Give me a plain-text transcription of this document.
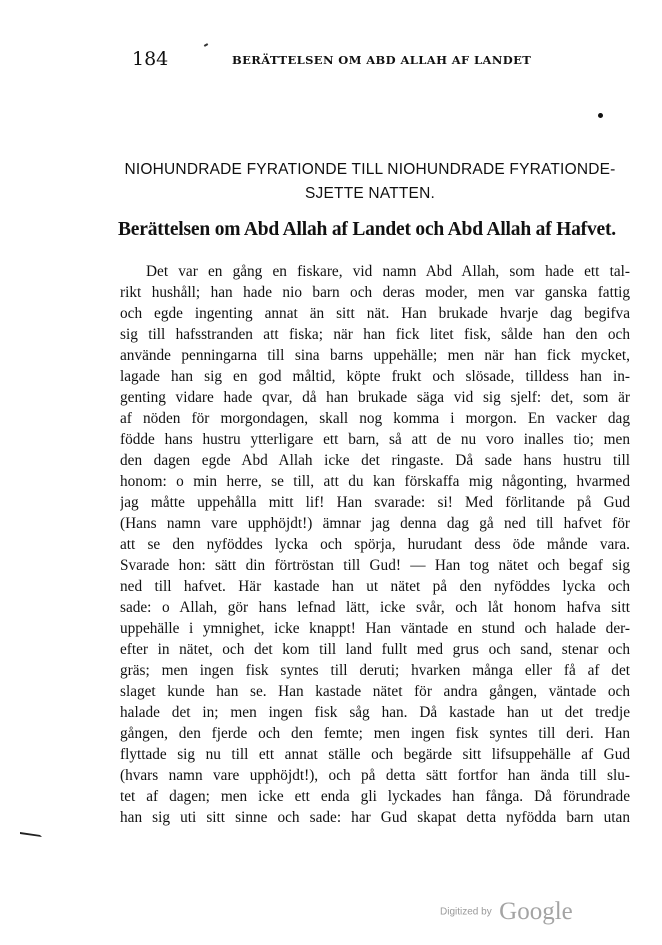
184	BERÄTTELSEN OM ABD ALLAH AF LANDET
NIOHUNDRADE FYRATIONDE TILL NIOHUNDRADE FYRATIONDE-
SJETTE NATTEN.
Berättelsen om Abd Allah af Landet och Abd Allah af Hafvet.
Det var en gång en fiskare, vid namn Abd Allah, som hade ett tal-
rikt hushåll; han hade nio barn och deras moder, men var ganska fattig
och egde ingenting annat än sitt nät. Han brukade hvarje dag begifva
sig till hafsstranden att fiska; när han fick litet fisk, sålde han den och
använde penningarna till sina barns uppehälle; men när han fick mycket,
lagade han sig en god måltid, köpte frukt och slösade, tilldess han in-
genting vidare hade qvar, då han brukade säga vid sig sjelf: det, som är
af nöden för morgondagen, skall nog komma i morgon. En vacker dag
födde hans hustru ytterligare ett barn, så att de nu voro inalles tio; men
den dagen egde Abd Allah icke det ringaste. Då sade hans hustru till
honom: o min herre, se till, att du kan förskaffa mig någonting, hvarmed
jag måtte uppehålla mitt lif! Han svarade: si! Med förlitande på Gud
(Hans namn vare upphöjdt!) ämnar jag denna dag gå ned till hafvet för
att se den nyföddes lycka och spörja, hurudant dess öde månde vara.
Svarade hon: sätt din förtröstan till Gud! — Han tog nätet och begaf sig
ned till hafvet. Här kastade han ut nätet på den nyföddes lycka och
sade: o Allah, gör hans lefnad lätt, icke svår, och låt honom hafva sitt
uppehälle i ymnighet, icke knappt! Han väntade en stund och halade der-
efter in nätet, och det kom till land fullt med grus och sand, stenar och
gräs; men ingen fisk syntes till deruti; hvarken många eller få af det
slaget kunde han se. Han kastade nätet för andra gången, väntade och
halade det in; men ingen fisk såg han. Då kastade han ut det tredje
gången, den fjerde och den femte; men ingen fisk syntes till deri. Han
flyttade sig nu till ett annat ställe och begärde sitt lifsuppehälle af Gud
(hvars namn vare upphöjdt!), och på detta sätt fortfor han ända till slu-
tet af dagen; men icke ett enda gli lyckades han fånga. Då förundrade
han sig uti sitt sinne och sade: har Gud skapat detta nyfödda barn utan
Digitized by Google
